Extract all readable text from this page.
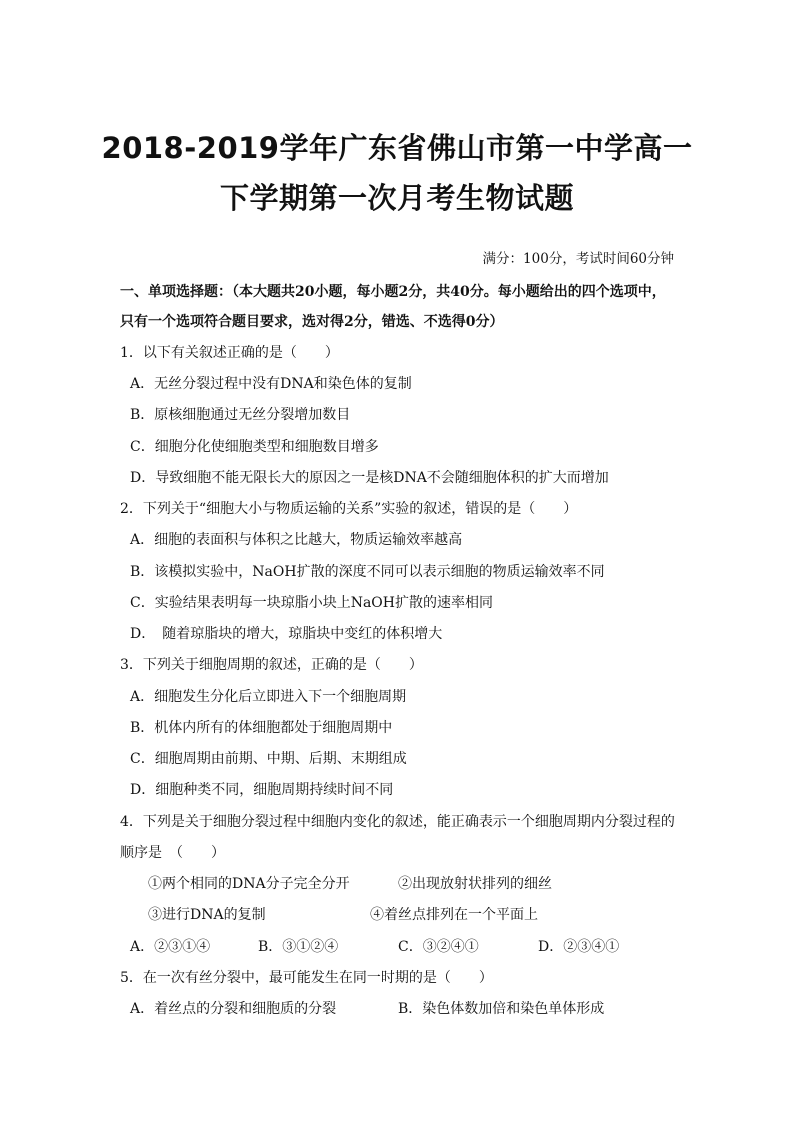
2018-2019学年广东省佛山市第一中学高一
下学期第一次月考生物试题
满分：100分，考试时间60分钟
一、单项选择题：（本大题共20小题，每小题2分，共40分。每小题给出的四个选项中，
只有一个选项符合题目要求，选对得2分，错选、不选得0分）
1．以下有关叙述正确的是（　　）
A．无丝分裂过程中没有DNA和染色体的复制
B．原核细胞通过无丝分裂增加数目
C．细胞分化使细胞类型和细胞数目增多
D．导致细胞不能无限长大的原因之一是核DNA不会随细胞体积的扩大而增加
2．下列关于“细胞大小与物质运输的关系”实验的叙述，错误的是（　　）
A．细胞的表面积与体积之比越大，物质运输效率越高
B．该模拟实验中，NaOH扩散的深度不同可以表示细胞的物质运输效率不同
C．实验结果表明每一块琼脂小块上NaOH扩散的速率相同
D．　随着琼脂块的增大，琼脂块中变红的体积增大
3．下列关于细胞周期的叙述，正确的是（　　）
A．细胞发生分化后立即进入下一个细胞周期
B．机体内所有的体细胞都处于细胞周期中
C．细胞周期由前期、中期、后期、末期组成
D．细胞种类不同，细胞周期持续时间不同
4．下列是关于细胞分裂过程中细胞内变化的叙述，能正确表示一个细胞周期内分裂过程的
顺序是　（　　）
①两个相同的DNA分子完全分开	②出现放射状排列的细丝
③进行DNA的复制	④着丝点排列在一个平面上
A．②③①④	B．③①②④	C．③②④①	D．②③④①
5．在一次有丝分裂中，最可能发生在同一时期的是（　　）
A．着丝点的分裂和细胞质的分裂	B．染色体数加倍和染色单体形成
